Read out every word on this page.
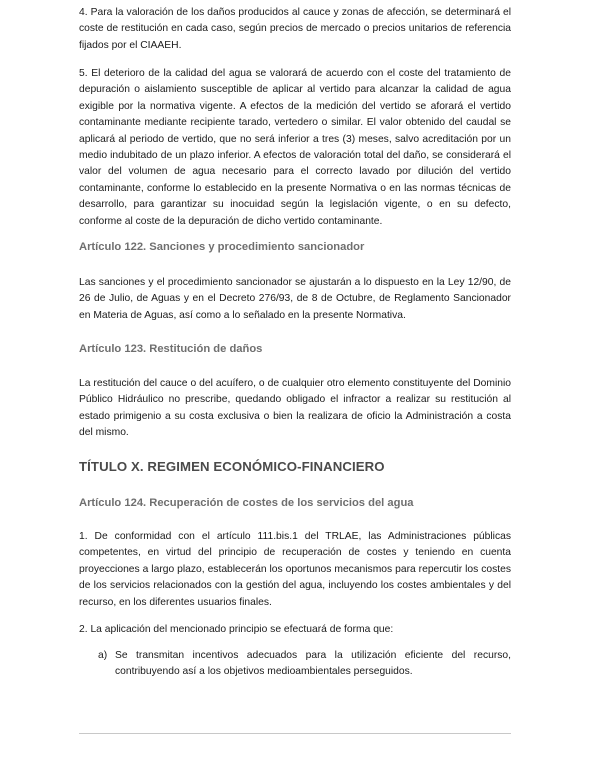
4. Para la valoración de los daños producidos al cauce y zonas de afección, se determinará el coste de restitución en cada caso, según precios de mercado o precios unitarios de referencia fijados por el CIAAEH.

5. El deterioro de la calidad del agua se valorará de acuerdo con el coste del tratamiento de depuración o aislamiento susceptible de aplicar al vertido para alcanzar la calidad de agua exigible por la normativa vigente. A efectos de la medición del vertido se aforará el vertido contaminante mediante recipiente tarado, vertedero o similar. El valor obtenido del caudal se aplicará al periodo de vertido, que no será inferior a tres (3) meses, salvo acreditación por un medio indubitado de un plazo inferior. A efectos de valoración total del daño, se considerará el valor del volumen de agua necesario para el correcto lavado por dilución del vertido contaminante, conforme lo establecido en la presente Normativa o en las normas técnicas de desarrollo, para garantizar su inocuidad según la legislación vigente, o en su defecto, conforme al coste de la depuración de dicho vertido contaminante.

Artículo 122. Sanciones y procedimiento sancionador

Las sanciones y el procedimiento sancionador se ajustarán a lo dispuesto en la Ley 12/90, de 26 de Julio, de Aguas y en el Decreto 276/93, de 8 de Octubre, de Reglamento Sancionador en Materia de Aguas, así como a lo señalado en la presente Normativa.

Artículo 123. Restitución de daños

La restitución del cauce o del acuífero, o de cualquier otro elemento constituyente del Dominio Público Hidráulico no prescribe, quedando obligado el infractor a realizar su restitución al estado primigenio a su costa exclusiva o bien la realizara de oficio la Administración a costa del mismo.

TÍTULO X. REGIMEN ECONÓMICO-FINANCIERO
Artículo 124. Recuperación de costes de los servicios del agua

1. De conformidad con el artículo 111.bis.1 del TRLAE, las Administraciones públicas competentes, en virtud del principio de recuperación de costes y teniendo en cuenta proyecciones a largo plazo, establecerán los oportunos mecanismos para repercutir los costes de los servicios relacionados con la gestión del agua, incluyendo los costes ambientales y del recurso, en los diferentes usuarios finales.

2. La aplicación del mencionado principio se efectuará de forma que:

a) Se transmitan incentivos adecuados para la utilización eficiente del recurso, contribuyendo así a los objetivos medioambientales perseguidos.
